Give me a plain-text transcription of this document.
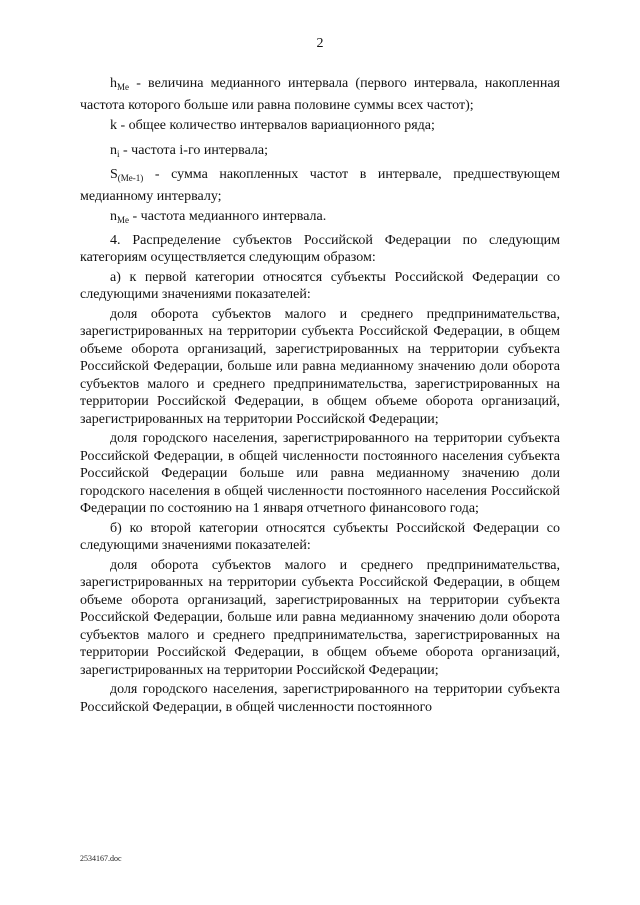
2

$h_{Me}$ - величина медианного интервала (первого интервала, накопленная частота которого больше или равна половине суммы всех частот);

k - общее количество интервалов вариационного ряда;

$n_i$ - частота i-го интервала;

$S_{(Me-1)}$ - сумма накопленных частот в интервале, предшествующем медианному интервалу;

$n_{Me}$ - частота медианного интервала.

4. Распределение субъектов Российской Федерации по следующим категориям осуществляется следующим образом:

а) к первой категории относятся субъекты Российской Федерации со следующими значениями показателей:

доля оборота субъектов малого и среднего предпринимательства, зарегистрированных на территории субъекта Российской Федерации, в общем объеме оборота организаций, зарегистрированных на территории субъекта Российской Федерации, больше или равна медианному значению доли оборота субъектов малого и среднего предпринимательства, зарегистрированных на территории Российской Федерации, в общем объеме оборота организаций, зарегистрированных на территории Российской Федерации;

доля городского населения, зарегистрированного на территории субъекта Российской Федерации, в общей численности постоянного населения субъекта Российской Федерации больше или равна медианному значению доли городского населения в общей численности постоянного населения Российской Федерации по состоянию на 1 января отчетного финансового года;

б) ко второй категории относятся субъекты Российской Федерации со следующими значениями показателей:

доля оборота субъектов малого и среднего предпринимательства, зарегистрированных на территории субъекта Российской Федерации, в общем объеме оборота организаций, зарегистрированных на территории субъекта Российской Федерации, больше или равна медианному значению доли оборота субъектов малого и среднего предпринимательства, зарегистрированных на территории Российской Федерации, в общем объеме оборота организаций, зарегистрированных на территории Российской Федерации;

доля городского населения, зарегистрированного на территории субъекта Российской Федерации, в общей численности постоянного

2534167.doc
